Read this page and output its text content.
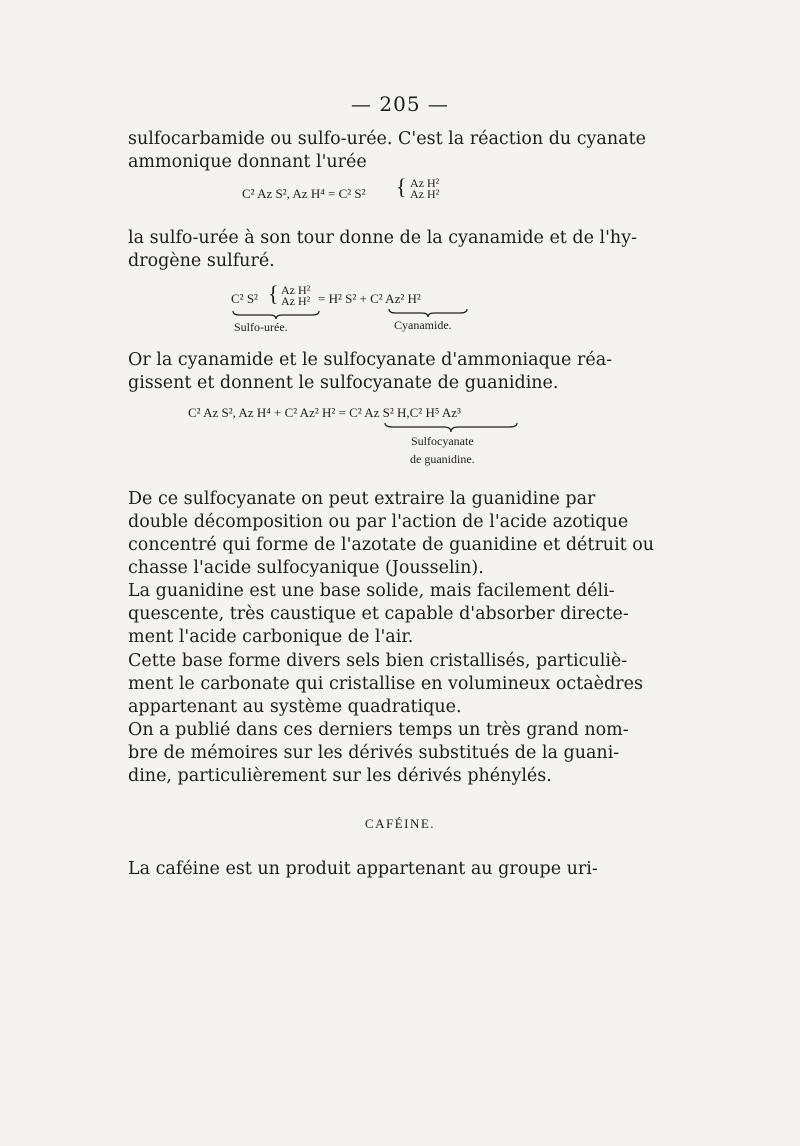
— 205 —
sulfocarbamide ou sulfo-urée. C'est la réaction du cyanate
ammonique donnant l'urée
C² Az S², Az H⁴ = C² S² { Az H²
Az H²
la sulfo-urée à son tour donne de la cyanamide et de l'hy-
drogène sulfuré.
C² S² { Az H²
Az H² = H² S² + C² Az² H²
Sulfo-urée.	Cyanamide.
Or la cyanamide et le sulfocyanate d'ammoniaque réa-
gissent et donnent le sulfocyanate de guanidine.
C² Az S², Az H⁴ + C² Az² H² = C² Az S² H,C² H⁵ Az³
Sulfocyanate
de guanidine.
De ce sulfocyanate on peut extraire la guanidine par
double décomposition ou par l'action de l'acide azotique
concentré qui forme de l'azotate de guanidine et détruit ou
chasse l'acide sulfocyanique (Jousselin).
La guanidine est une base solide, mais facilement déli-
quescente, très caustique et capable d'absorber directe-
ment l'acide carbonique de l'air.
Cette base forme divers sels bien cristallisés, particuliè-
ment le carbonate qui cristallise en volumineux octaèdres
appartenant au système quadratique.
On a publié dans ces derniers temps un très grand nom-
bre de mémoires sur les dérivés substitués de la guani-
dine, particulièrement sur les dérivés phénylés.
CAFÉINE.
La caféine est un produit appartenant au groupe uri-
